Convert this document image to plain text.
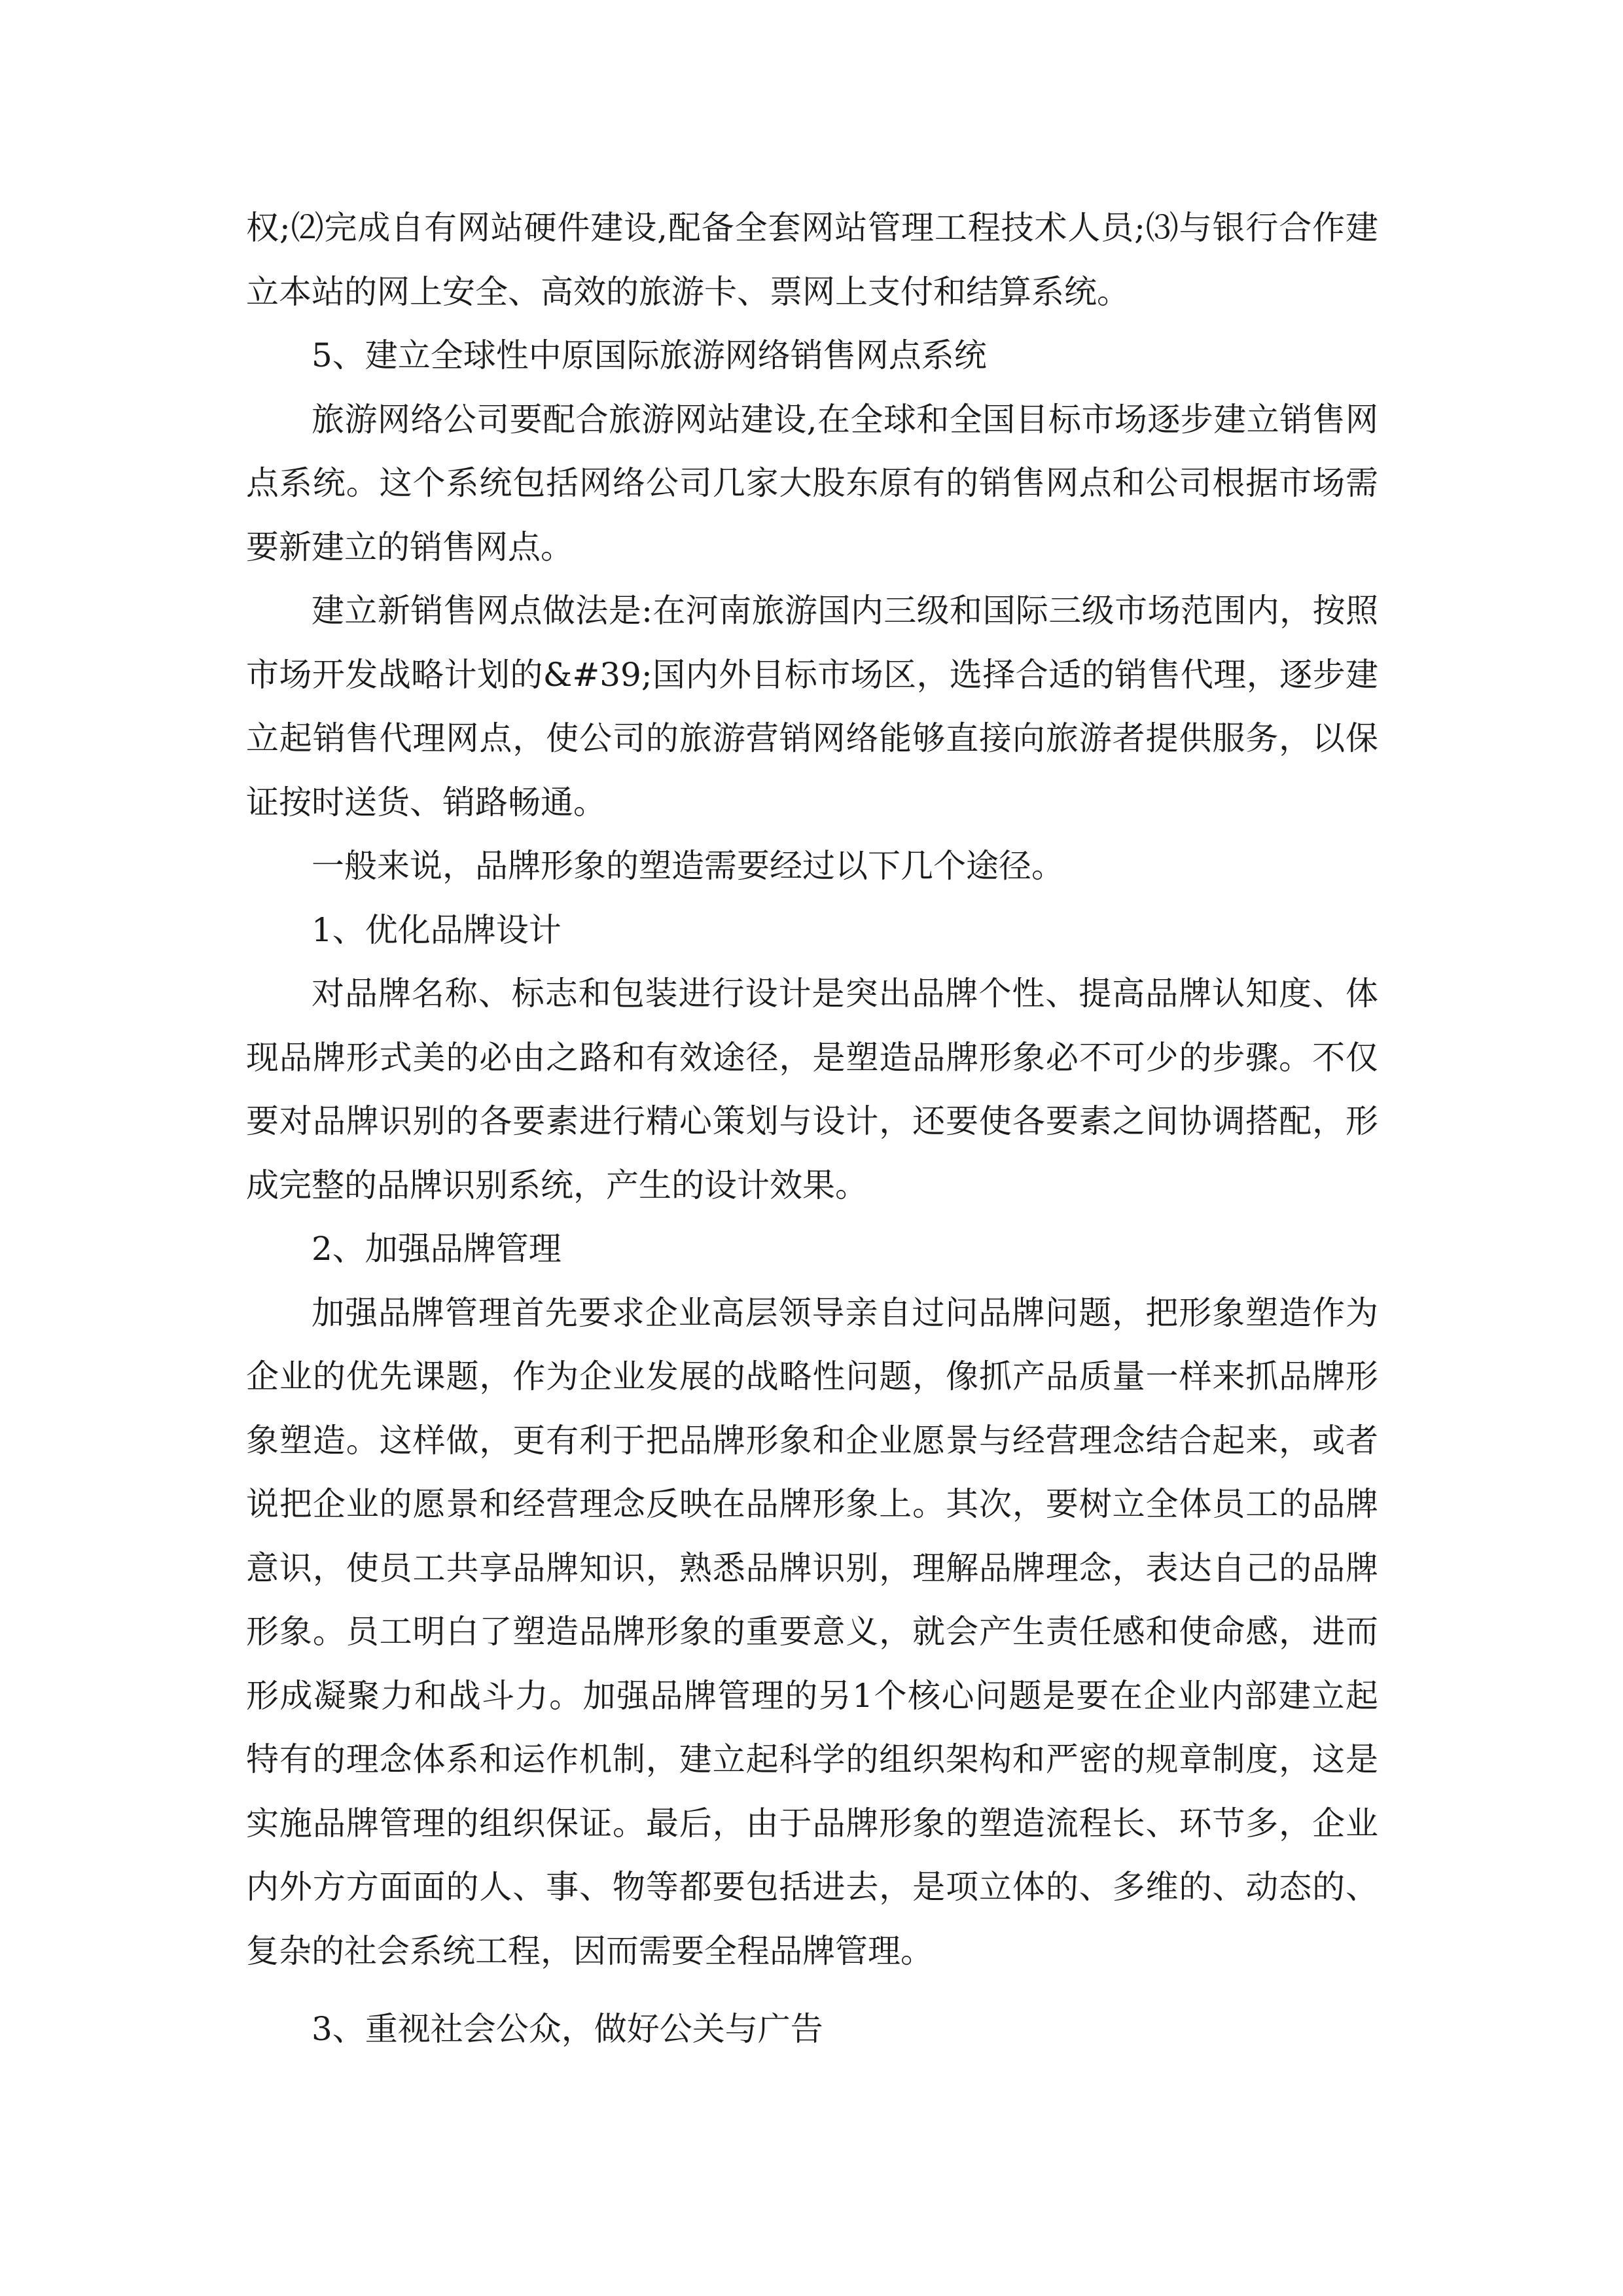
权;⑵完成自有网站硬件建设,配备全套网站管理工程技术人员;⑶与银行合作建立本站的网上安全、高效的旅游卡、票网上支付和结算系统。

5、建立全球性中原国际旅游网络销售网点系统

旅游网络公司要配合旅游网站建设,在全球和全国目标市场逐步建立销售网点系统。这个系统包括网络公司几家大股东原有的销售网点和公司根据市场需要新建立的销售网点。

建立新销售网点做法是:在河南旅游国内三级和国际三级市场范围内，按照市场开发战略计划的&#39;国内外目标市场区，选择合适的销售代理，逐步建立起销售代理网点，使公司的旅游营销网络能够直接向旅游者提供服务，以保证按时送货、销路畅通。

一般来说，品牌形象的塑造需要经过以下几个途径。

1、优化品牌设计

对品牌名称、标志和包装进行设计是突出品牌个性、提高品牌认知度、体现品牌形式美的必由之路和有效途径，是塑造品牌形象必不可少的步骤。不仅要对品牌识别的各要素进行精心策划与设计，还要使各要素之间协调搭配，形成完整的品牌识别系统，产生的设计效果。

2、加强品牌管理

加强品牌管理首先要求企业高层领导亲自过问品牌问题，把形象塑造作为企业的优先课题，作为企业发展的战略性问题，像抓产品质量一样来抓品牌形象塑造。这样做，更有利于把品牌形象和企业愿景与经营理念结合起来，或者说把企业的愿景和经营理念反映在品牌形象上。其次，要树立全体员工的品牌意识，使员工共享品牌知识，熟悉品牌识别，理解品牌理念，表达自己的品牌形象。员工明白了塑造品牌形象的重要意义，就会产生责任感和使命感，进而形成凝聚力和战斗力。加强品牌管理的另1个核心问题是要在企业内部建立起特有的理念体系和运作机制，建立起科学的组织架构和严密的规章制度，这是实施品牌管理的组织保证。最后，由于品牌形象的塑造流程长、环节多，企业内外方方面面的人、事、物等都要包括进去，是项立体的、多维的、动态的、复杂的社会系统工程，因而需要全程品牌管理。

3、重视社会公众，做好公关与广告
